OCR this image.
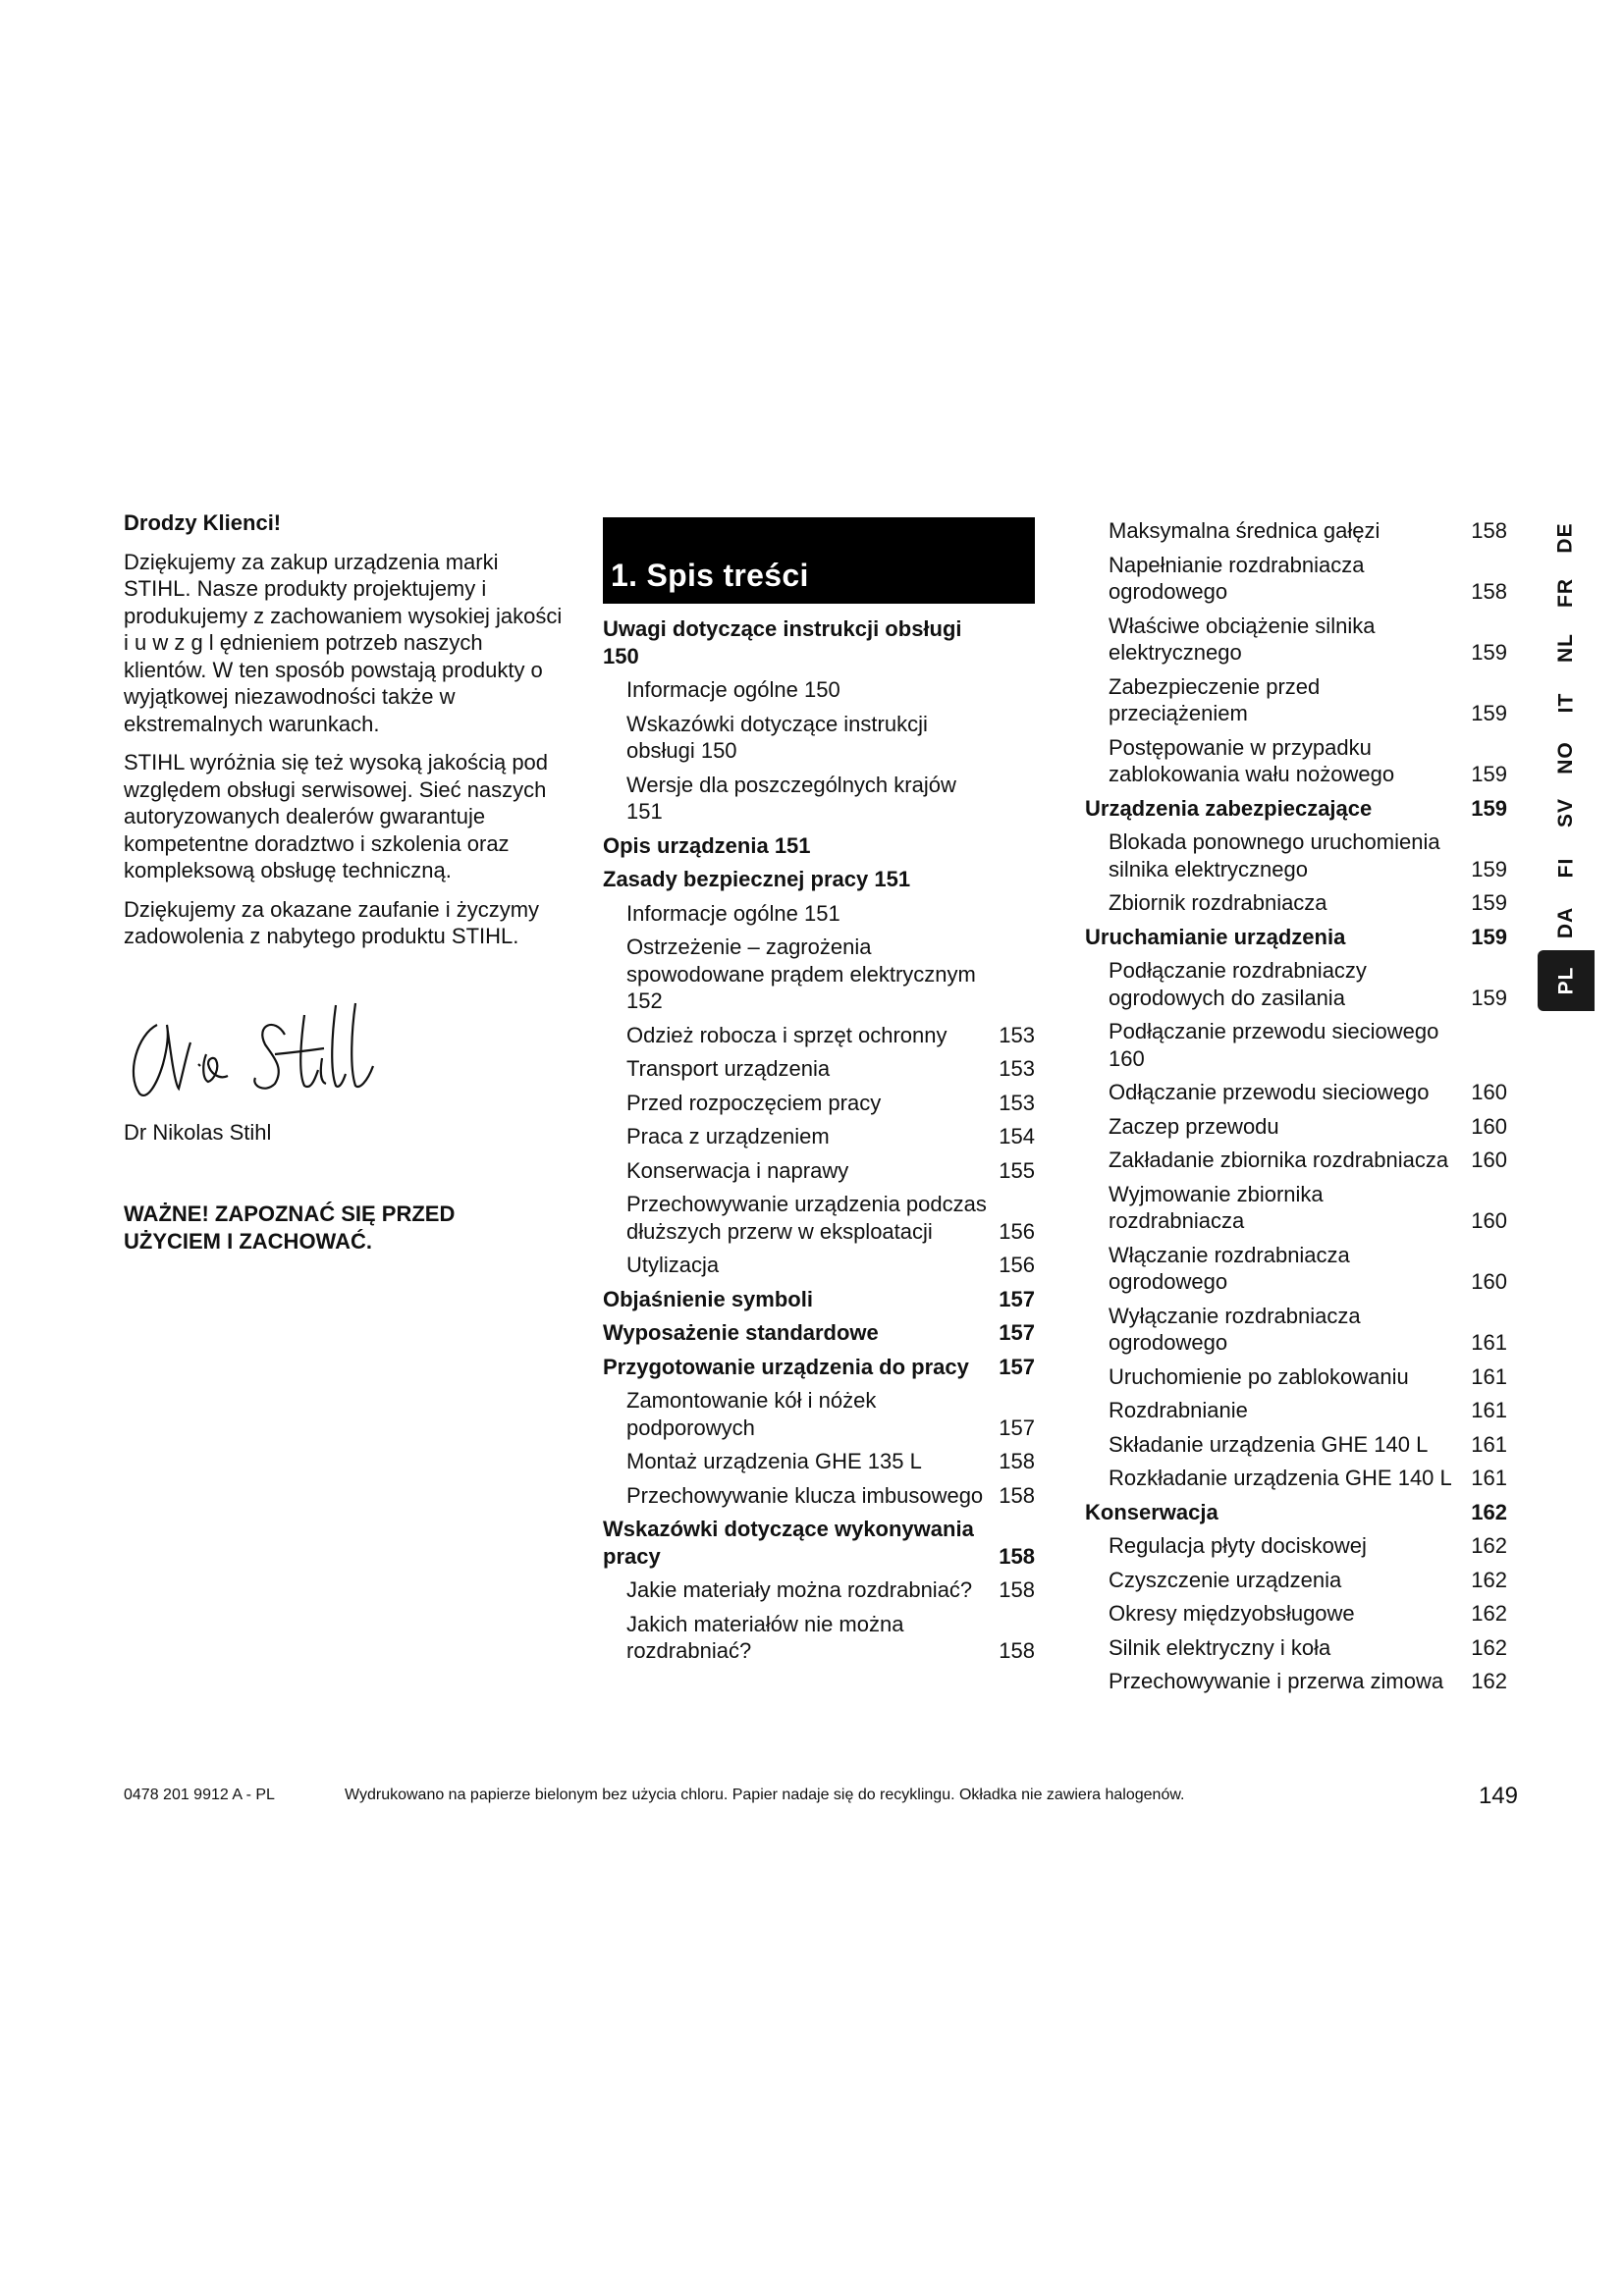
Drodzy Klienci!

Dziękujemy za zakup urządzenia marki STIHL. Nasze produkty projektujemy i produkujemy z zachowaniem wysokiej jakości i u w z g l ędnieniem potrzeb naszych klientów. W ten sposób powstają produkty o wyjątkowej niezawodności także w ekstremalnych warunkach.

STIHL wyróżnia się też wysoką jakością pod względem obsługi serwisowej. Sieć naszych autoryzowanych dealerów gwarantuje kompetentne doradztwo i szkolenia oraz kompleksową obsługę techniczną.

Dziękujemy za okazane zaufanie i życzymy zadowolenia z nabytego produktu STIHL.

Dr Nikolas Stihl
WAŻNE! ZAPOZNAĆ SIĘ PRZED
UŻYCIEM I ZACHOWAĆ.
1. Spis treści
Uwagi dotyczące instrukcji obsługi 150
Informacje ogólne 150
Wskazówki dotyczące instrukcji obsługi 150
Wersje dla poszczególnych krajów 151
Opis urządzenia 151
Zasady bezpiecznej pracy 151
Informacje ogólne 151
Ostrzeżenie – zagrożenia spowodowane prądem elektrycznym 152
Odzież robocza i sprzęt ochronny	153
Transport urządzenia	153
Przed rozpoczęciem pracy	153
Praca z urządzeniem	154
Konserwacja i naprawy	155
Przechowywanie urządzenia podczas dłuższych przerw w eksploatacji	156
Utylizacja	156
Objaśnienie symboli	157
Wyposażenie standardowe	157
Przygotowanie urządzenia do pracy	157
Zamontowanie kół i nóżek podporowych	157
Montaż urządzenia GHE 135 L	158
Przechowywanie klucza imbusowego 158
Wskazówki dotyczące wykonywania pracy	158
Jakie materiały można rozdrabniać?	158
Jakich materiałów nie można rozdrabniać?	158
Maksymalna średnica gałęzi	158
Napełnianie rozdrabniacza ogrodowego	158
Właściwe obciążenie silnika elektrycznego	159
Zabezpieczenie przed przeciążeniem	159
Postępowanie w przypadku zablokowania wału nożowego	159
Urządzenia zabezpieczające	159
Blokada ponownego uruchomienia silnika elektrycznego	159
Zbiornik rozdrabniacza	159
Uruchamianie urządzenia	159
Podłączanie rozdrabniaczy ogrodowych do zasilania	159
Podłączanie przewodu sieciowego 160
Odłączanie przewodu sieciowego	160
Zaczep przewodu	160
Zakładanie zbiornika rozdrabniacza	160
Wyjmowanie zbiornika rozdrabniacza	160
Włączanie rozdrabniacza ogrodowego	160
Wyłączanie rozdrabniacza ogrodowego	161
Uruchomienie po zablokowaniu	161
Rozdrabnianie	161
Składanie urządzenia GHE 140 L	161
Rozkładanie urządzenia GHE 140 L 161
Konserwacja	162
Regulacja płyty dociskowej	162
Czyszczenie urządzenia	162
Okresy międzyobsługowe	162
Silnik elektryczny i koła	162
Przechowywanie i przerwa zimowa	162
DE
FR
NL
IT
NO
SV
FI
DA
PL
0478 201 9912 A - PL	Wydrukowano na papierze bielonym bez użycia chloru. Papier nadaje się do recyklingu. Okładka nie zawiera halogenów.	149
